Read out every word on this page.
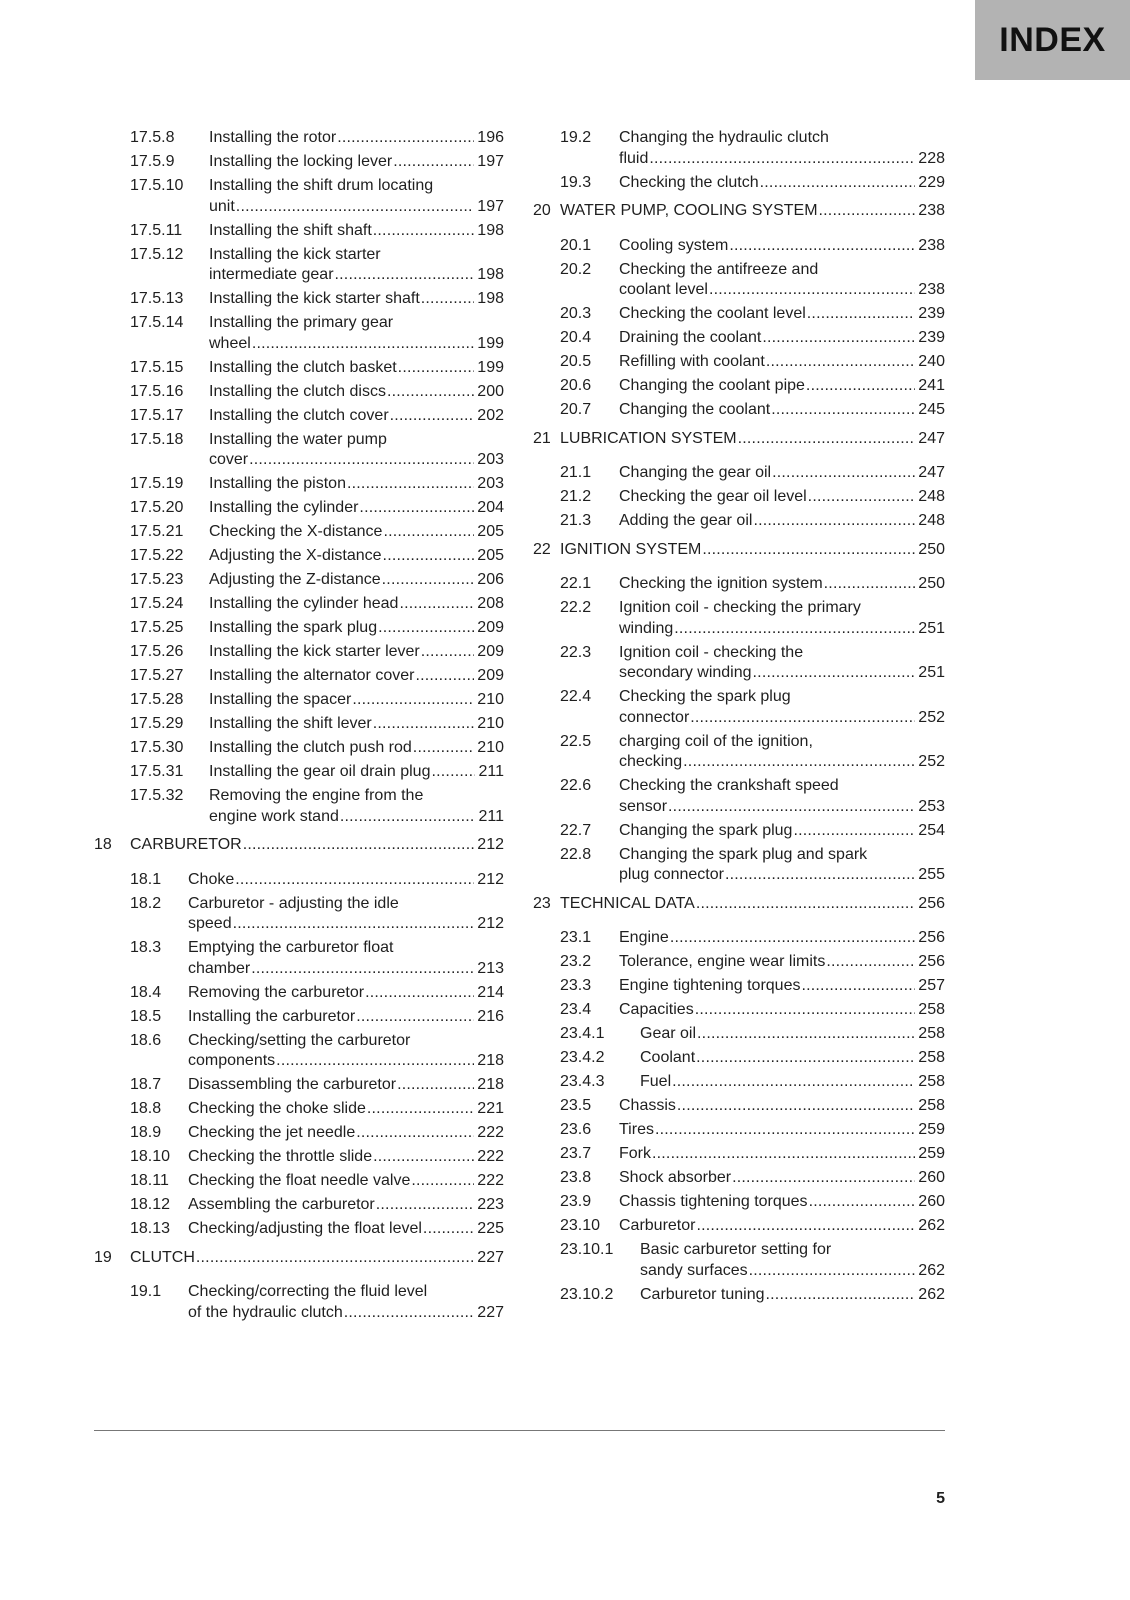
INDEX
17.5.8 Installing the rotor .....	196
17.5.9 Installing the locking lever .....	197
17.5.10 Installing the shift drum locating
unit .....	197
17.5.11 Installing the shift shaft .....	198
17.5.12 Installing the kick starter
intermediate gear .....	198
17.5.13 Installing the kick starter shaft .....	198
17.5.14 Installing the primary gear
wheel .....	199
17.5.15 Installing the clutch basket .....	199
17.5.16 Installing the clutch discs .....	200
17.5.17 Installing the clutch cover .....	202
17.5.18 Installing the water pump
cover .....	203
17.5.19 Installing the piston .....	203
17.5.20 Installing the cylinder .....	204
17.5.21 Checking the X-distance .....	205
17.5.22 Adjusting the X-distance .....	205
17.5.23 Adjusting the Z-distance .....	206
17.5.24 Installing the cylinder head .....	208
17.5.25 Installing the spark plug .....	209
17.5.26 Installing the kick starter lever .....	209
17.5.27 Installing the alternator cover .....	209
17.5.28 Installing the spacer .....	210
17.5.29 Installing the shift lever .....	210
17.5.30 Installing the clutch push rod .....	210
17.5.31 Installing the gear oil drain plug .....	211
17.5.32 Removing the engine from the
engine work stand .....	211
18 CARBURETOR .....	212
18.1 Choke .....	212
18.2 Carburetor - adjusting the idle
speed .....	212
18.3 Emptying the carburetor float
chamber .....	213
18.4 Removing the carburetor .....	214
18.5 Installing the carburetor .....	216
18.6 Checking/setting the carburetor
components .....	218
18.7 Disassembling the carburetor .....	218
18.8 Checking the choke slide .....	221
18.9 Checking the jet needle .....	222
18.10 Checking the throttle slide .....	222
18.11 Checking the float needle valve .....	222
18.12 Assembling the carburetor .....	223
18.13 Checking/adjusting the float level .....	225
19 CLUTCH .....	227
19.1 Checking/correcting the fluid level
of the hydraulic clutch .....	227
19.2 Changing the hydraulic clutch
fluid .....	228
19.3 Checking the clutch .....	229
20 WATER PUMP, COOLING SYSTEM .....	238
20.1 Cooling system .....	238
20.2 Checking the antifreeze and
coolant level .....	238
20.3 Checking the coolant level .....	239
20.4 Draining the coolant .....	239
20.5 Refilling with coolant .....	240
20.6 Changing the coolant pipe .....	241
20.7 Changing the coolant .....	245
21 LUBRICATION SYSTEM .....	247
21.1 Changing the gear oil .....	247
21.2 Checking the gear oil level .....	248
21.3 Adding the gear oil .....	248
22 IGNITION SYSTEM .....	250
22.1 Checking the ignition system .....	250
22.2 Ignition coil - checking the primary
winding .....	251
22.3 Ignition coil - checking the
secondary winding .....	251
22.4 Checking the spark plug
connector .....	252
22.5 charging coil of the ignition,
checking .....	252
22.6 Checking the crankshaft speed
sensor .....	253
22.7 Changing the spark plug .....	254
22.8 Changing the spark plug and spark
plug connector .....	255
23 TECHNICAL DATA .....	256
23.1 Engine .....	256
23.2 Tolerance, engine wear limits .....	256
23.3 Engine tightening torques .....	257
23.4 Capacities .....	258
23.4.1 Gear oil .....	258
23.4.2 Coolant .....	258
23.4.3 Fuel .....	258
23.5 Chassis .....	258
23.6 Tires .....	259
23.7 Fork .....	259
23.8 Shock absorber .....	260
23.9 Chassis tightening torques .....	260
23.10 Carburetor .....	262
23.10.1 Basic carburetor setting for
sandy surfaces .....	262
23.10.2 Carburetor tuning .....	262
5
